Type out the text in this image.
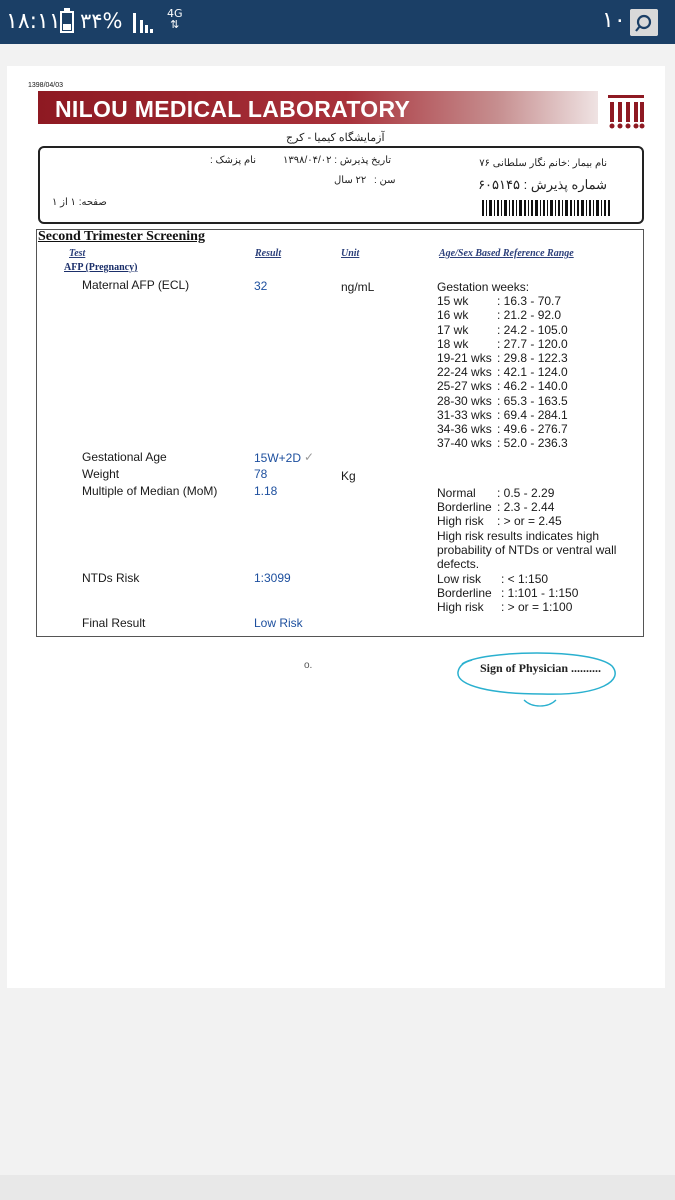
۱۸:۱۱ ۳۴%	4G
⇅	۱۰
1398/04/03
NILOU MEDICAL LABORATORY
آزمایشگاه کیمیا - کرج
نام بیمار :خانم نگار سلطانی ۷۶
تاریخ پذیرش : ۱۳۹۸/۰۴/۰۲
نام پزشک :
سن :
۲۲ سال	شماره پذیرش : ۶۰۵۱۴۵
صفحه: ۱ از ۱
Second Trimester Screening
Test	Result	Unit	Age/Sex Based Reference Range
AFP (Pregnancy)
Maternal AFP (ECL)	32	ng/mL	Gestation weeks:
15 wk : 16.3 - 70.7
16 wk : 21.2 - 92.0
17 wk : 24.2 - 105.0
18 wk : 27.7 - 120.0
19-21 wks : 29.8 - 122.3
22-24 wks : 42.1 - 124.0
25-27 wks : 46.2 - 140.0
28-30 wks : 65.3 - 163.5
31-33 wks : 69.4 - 284.1
34-36 wks : 49.6 - 276.7
37-40 wks : 52.0 - 236.3
Gestational Age	15W+2D ✓
Weight	78	Kg
Multiple of Median (MoM)	1.18	Normal : 0.5 - 2.29
Borderline : 2.3 - 2.44
High risk : > or = 2.45
High risk results indicates high probability of NTDs or ventral wall defects.
NTDs Risk	1:3099	Low risk : < 1:150
Borderline : 1:101 - 1:150
High risk : > or = 1:100
Final Result	Low Risk
o.	Sign of Physician ..........
